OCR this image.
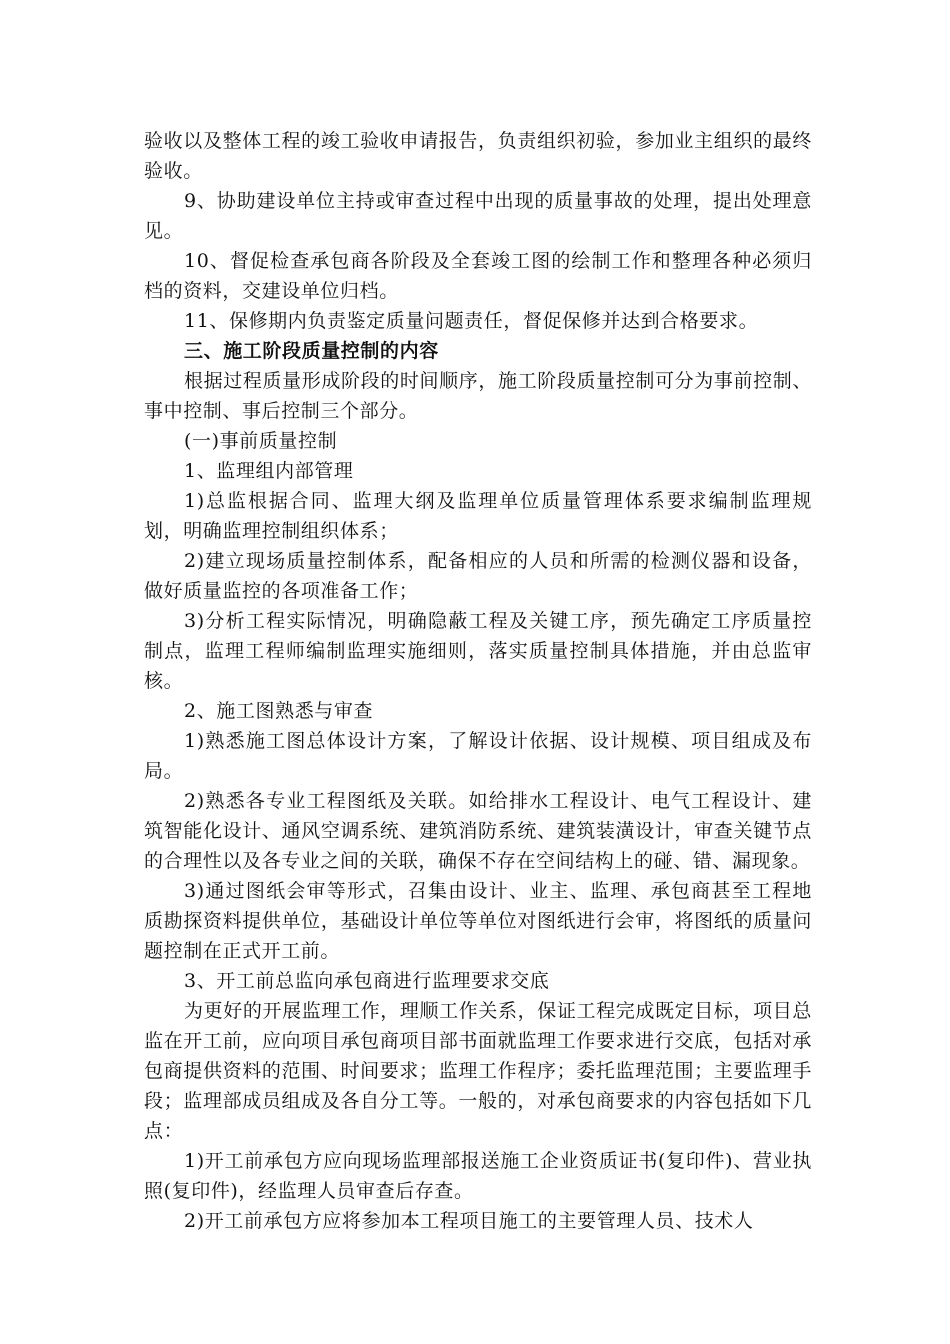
验收以及整体工程的竣工验收申请报告，负责组织初验，参加业主组织的最终验收。

9、协助建设单位主持或审查过程中出现的质量事故的处理，提出处理意见。

10、督促检查承包商各阶段及全套竣工图的绘制工作和整理各种必须归档的资料，交建设单位归档。

11、保修期内负责鉴定质量问题责任，督促保修并达到合格要求。

三、施工阶段质量控制的内容

根据过程质量形成阶段的时间顺序，施工阶段质量控制可分为事前控制、事中控制、事后控制三个部分。

(一)事前质量控制

1、监理组内部管理

1)总监根据合同、监理大纲及监理单位质量管理体系要求编制监理规划，明确监理控制组织体系；

2)建立现场质量控制体系，配备相应的人员和所需的检测仪器和设备，做好质量监控的各项准备工作；

3)分析工程实际情况，明确隐蔽工程及关键工序，预先确定工序质量控制点，监理工程师编制监理实施细则，落实质量控制具体措施，并由总监审核。

2、施工图熟悉与审查

1)熟悉施工图总体设计方案，了解设计依据、设计规模、项目组成及布局。

2)熟悉各专业工程图纸及关联。如给排水工程设计、电气工程设计、建筑智能化设计、通风空调系统、建筑消防系统、建筑装潢设计，审查关键节点的合理性以及各专业之间的关联，确保不存在空间结构上的碰、错、漏现象。

3)通过图纸会审等形式，召集由设计、业主、监理、承包商甚至工程地质勘探资料提供单位，基础设计单位等单位对图纸进行会审，将图纸的质量问题控制在正式开工前。

3、开工前总监向承包商进行监理要求交底

为更好的开展监理工作，理顺工作关系，保证工程完成既定目标，项目总监在开工前，应向项目承包商项目部书面就监理工作要求进行交底，包括对承包商提供资料的范围、时间要求；监理工作程序；委托监理范围；主要监理手段；监理部成员组成及各自分工等。一般的，对承包商要求的内容包括如下几点：

1)开工前承包方应向现场监理部报送施工企业资质证书(复印件)、营业执照(复印件)，经监理人员审查后存查。

2)开工前承包方应将参加本工程项目施工的主要管理人员、技术人
